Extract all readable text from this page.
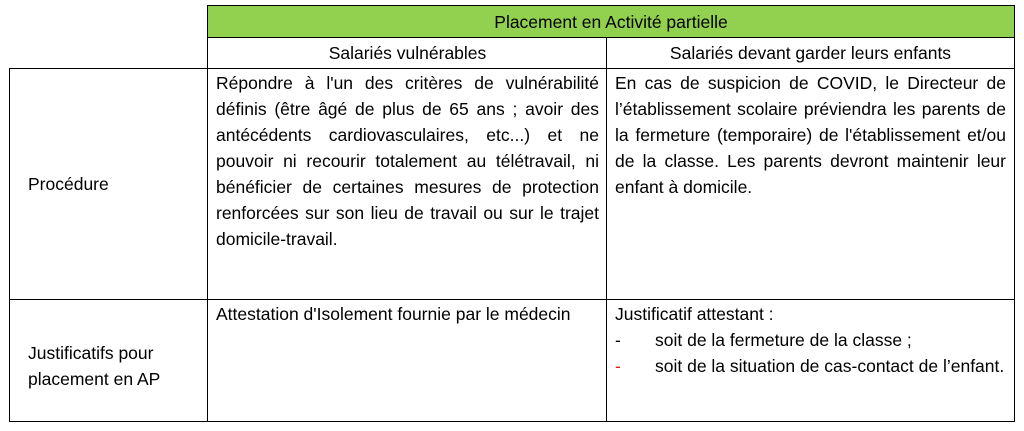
Placement en Activité partielle
Salariés vulnérables	Salariés devant garder leurs enfants
Procédure
Répondre à l'un des critères de vulnérabilité définis (être âgé de plus de 65 ans ; avoir des antécédents cardiovasculaires, etc...) et ne pouvoir ni recourir totalement au télétravail, ni bénéficier de certaines mesures de protection renforcées sur son lieu de travail ou sur le trajet domicile-travail.
En cas de suspicion de COVID, le Directeur de l’établissement scolaire préviendra les parents de la fermeture (temporaire) de l'établissement et/ou de la classe. Les parents devront maintenir leur enfant à domicile.
Justificatifs pour
placement en AP
Attestation d'Isolement fournie par le médecin	Justificatif attestant :
- soit de la fermeture de la classe ;
- soit de la situation de cas-contact de l’enfant.
